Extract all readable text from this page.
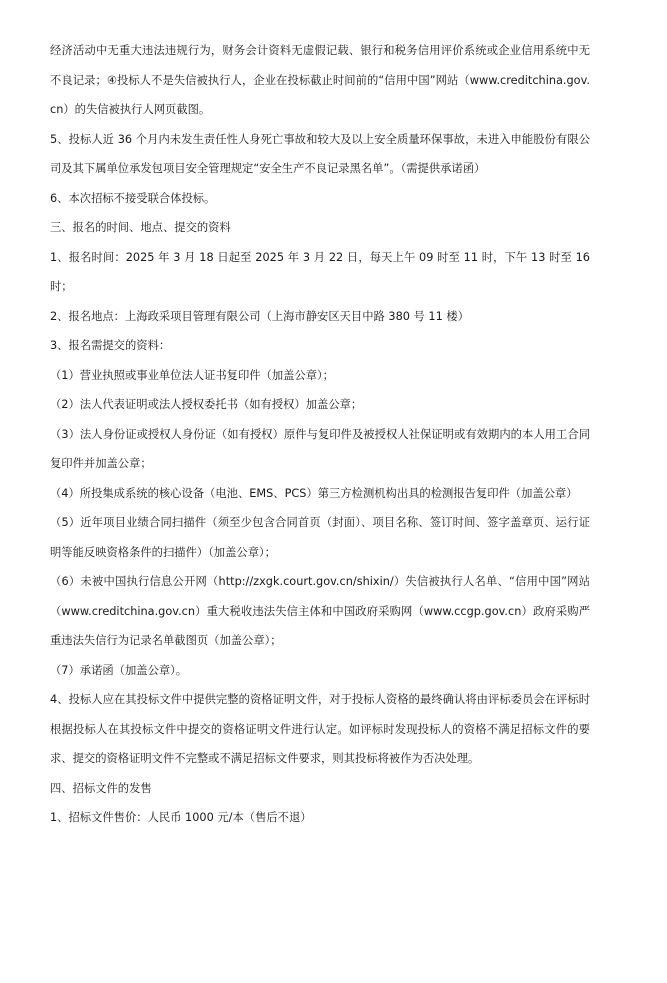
经济活动中无重大违法违规行为，财务会计资料无虚假记载、银行和税务信用评价系统或企业信用系统中无不良记录；④投标人不是失信被执行人，企业在投标截止时间前的“信用中国”网站（www.creditchina.gov.cn）的失信被执行人网页截图。

5、投标人近 36 个月内未发生责任性人身死亡事故和较大及以上安全质量环保事故，未进入申能股份有限公司及其下属单位承发包项目安全管理规定“安全生产不良记录黑名单”。（需提供承诺函）

6、本次招标不接受联合体投标。

三、报名的时间、地点、提交的资料

1、报名时间：2025 年 3 月 18 日起至 2025 年 3 月 22 日，每天上午 09 时至 11 时，下午 13 时至 16 时；

2、报名地点：上海政采项目管理有限公司（上海市静安区天目中路 380 号 11 楼）

3、报名需提交的资料：

（1）营业执照或事业单位法人证书复印件（加盖公章）；

（2）法人代表证明或法人授权委托书（如有授权）加盖公章；

（3）法人身份证或授权人身份证（如有授权）原件与复印件及被授权人社保证明或有效期内的本人用工合同复印件并加盖公章；

（4）所投集成系统的核心设备（电池、EMS、PCS）第三方检测机构出具的检测报告复印件（加盖公章）

（5）近年项目业绩合同扫描件（须至少包含合同首页（封面）、项目名称、签订时间、签字盖章页、运行证明等能反映资格条件的扫描件）（加盖公章）；

（6）未被中国执行信息公开网（http://zxgk.court.gov.cn/shixin/）失信被执行人名单、“信用中国”网站（www.creditchina.gov.cn）重大税收违法失信主体和中国政府采购网（www.ccgp.gov.cn）政府采购严重违法失信行为记录名单截图页（加盖公章）；

（7）承诺函（加盖公章）。

4、投标人应在其投标文件中提供完整的资格证明文件，对于投标人资格的最终确认将由评标委员会在评标时根据投标人在其投标文件中提交的资格证明文件进行认定。如评标时发现投标人的资格不满足招标文件的要求、提交的资格证明文件不完整或不满足招标文件要求，则其投标将被作为否决处理。

四、招标文件的发售

1、招标文件售价：人民币 1000 元/本（售后不退）
